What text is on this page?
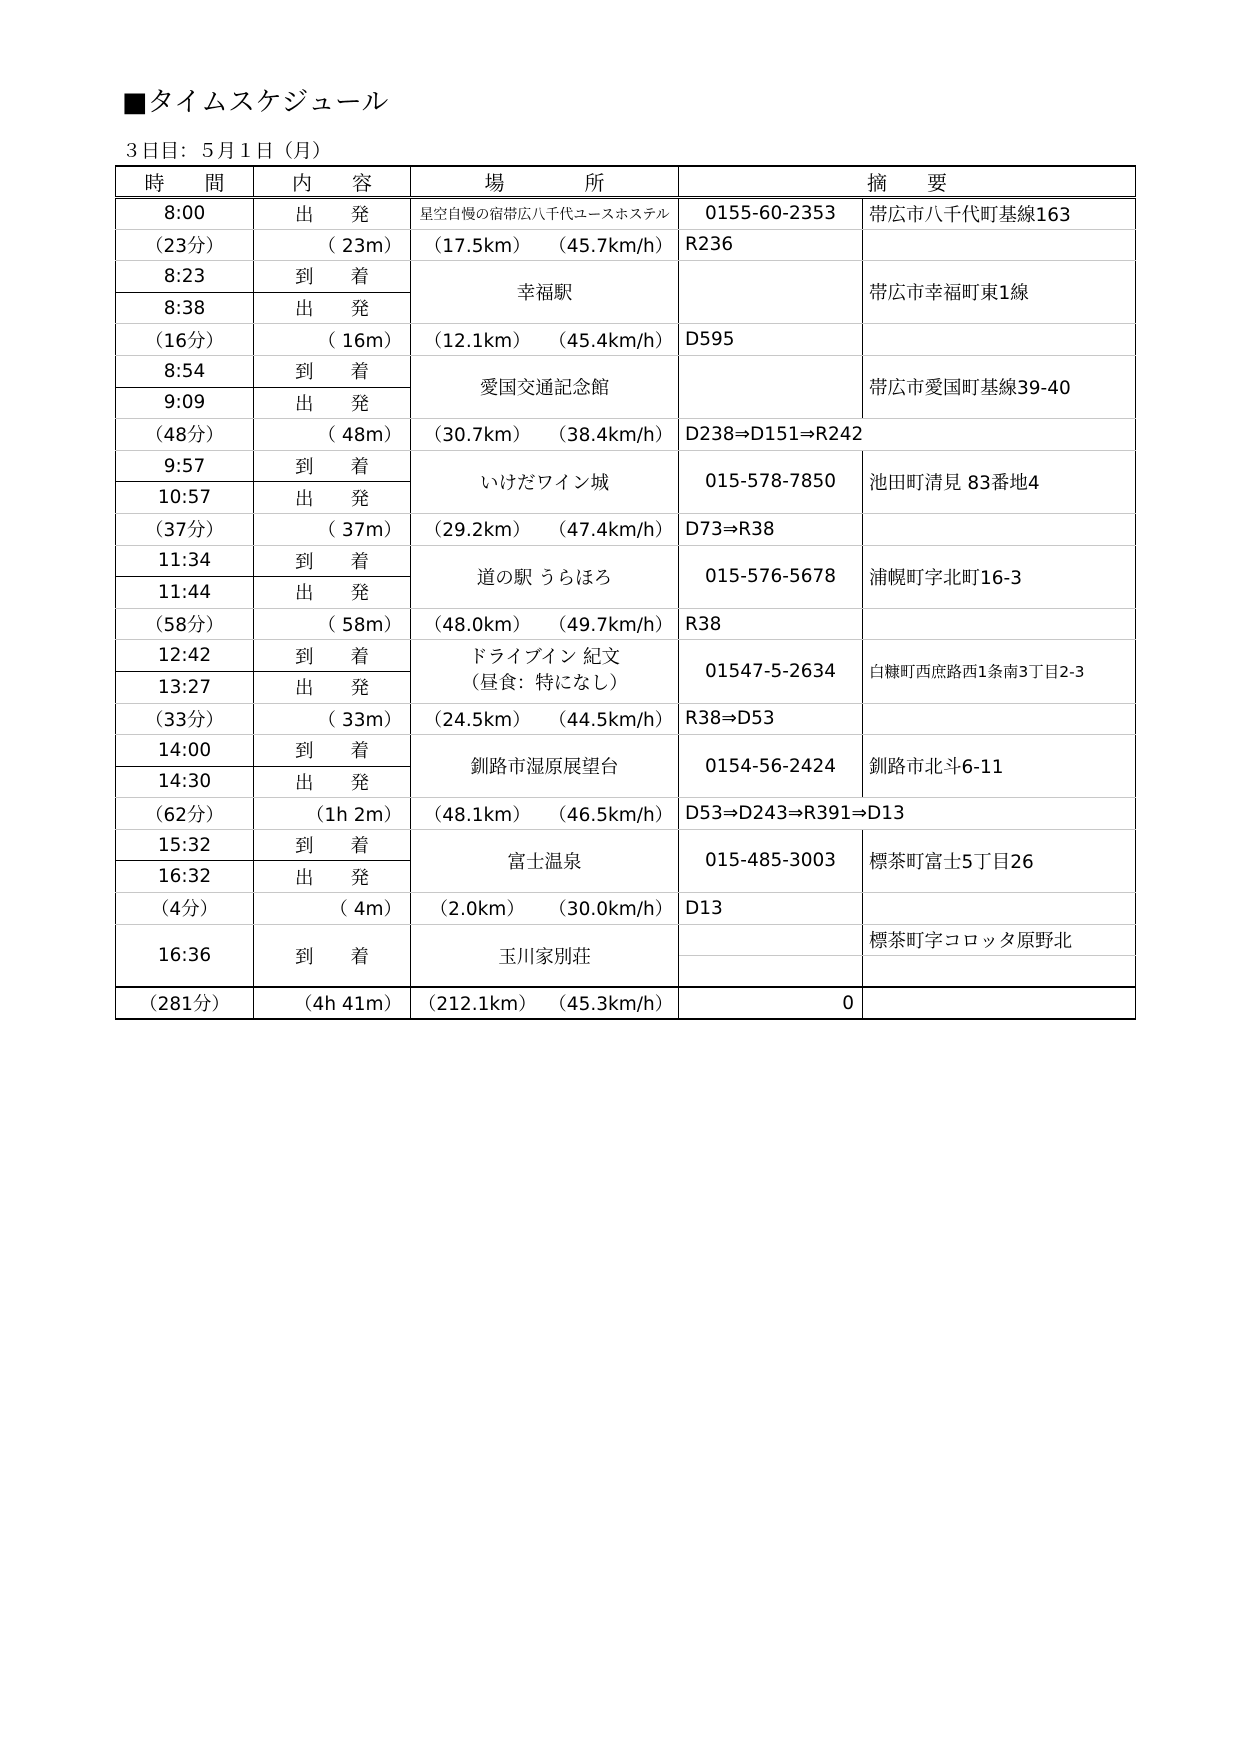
■タイムスケジュール
３日目：５月１日（月）
時　　間	内　　容	場　　　　所		摘　　要	
8:00	出　　発	星空自慢の宿帯広八千代ユースホステル		0155-60-2353	帯広市八千代町基線163
（23分）	（ 23m）	（17.5km）	（45.7km/h）	R236	
8:23	到　　着	幸福駅			帯広市幸福町東1線
8:38	出　　発				
（16分）	（ 16m）	（12.1km）	（45.4km/h）	D595	
8:54	到　　着	愛国交通記念館			帯広市愛国町基線39-40
9:09	出　　発				
（48分）	（ 48m）	（30.7km）	（38.4km/h）	D238⇒D151⇒R242	
9:57	到　　着	いけだワイン城		015-578-7850	池田町清見 83番地4
10:57	出　　発				
（37分）	（ 37m）	（29.2km）	（47.4km/h）	D73⇒R38	
11:34	到　　着	道の駅 うらほろ		015-576-5678	浦幌町字北町16-3
11:44	出　　発				
（58分）	（ 58m）	（48.0km）	（49.7km/h）	R38	
12:42	到　　着	ドライブイン 紀文
（昼食：特になし）		01547-5-2634	白糠町西庶路西1条南3丁目2-3
13:27	出　　発				
（33分）	（ 33m）	（24.5km）	（44.5km/h）	R38⇒D53	
14:00	到　　着	釧路市湿原展望台		0154-56-2424	釧路市北斗6-11
14:30	出　　発				
（62分）	（1h 2m）	（48.1km）	（46.5km/h）	D53⇒D243⇒R391⇒D13	
15:32	到　　着	富士温泉		015-485-3003	標茶町富士5丁目26
16:32	出　　発				
（4分）	（ 4m）	（2.0km）	（30.0km/h）	D13	
16:36	到　　着	玉川家別荘			標茶町字コロッタ原野北

（281分）	（4h 41m）	（212.1km）	（45.3km/h）	0	
